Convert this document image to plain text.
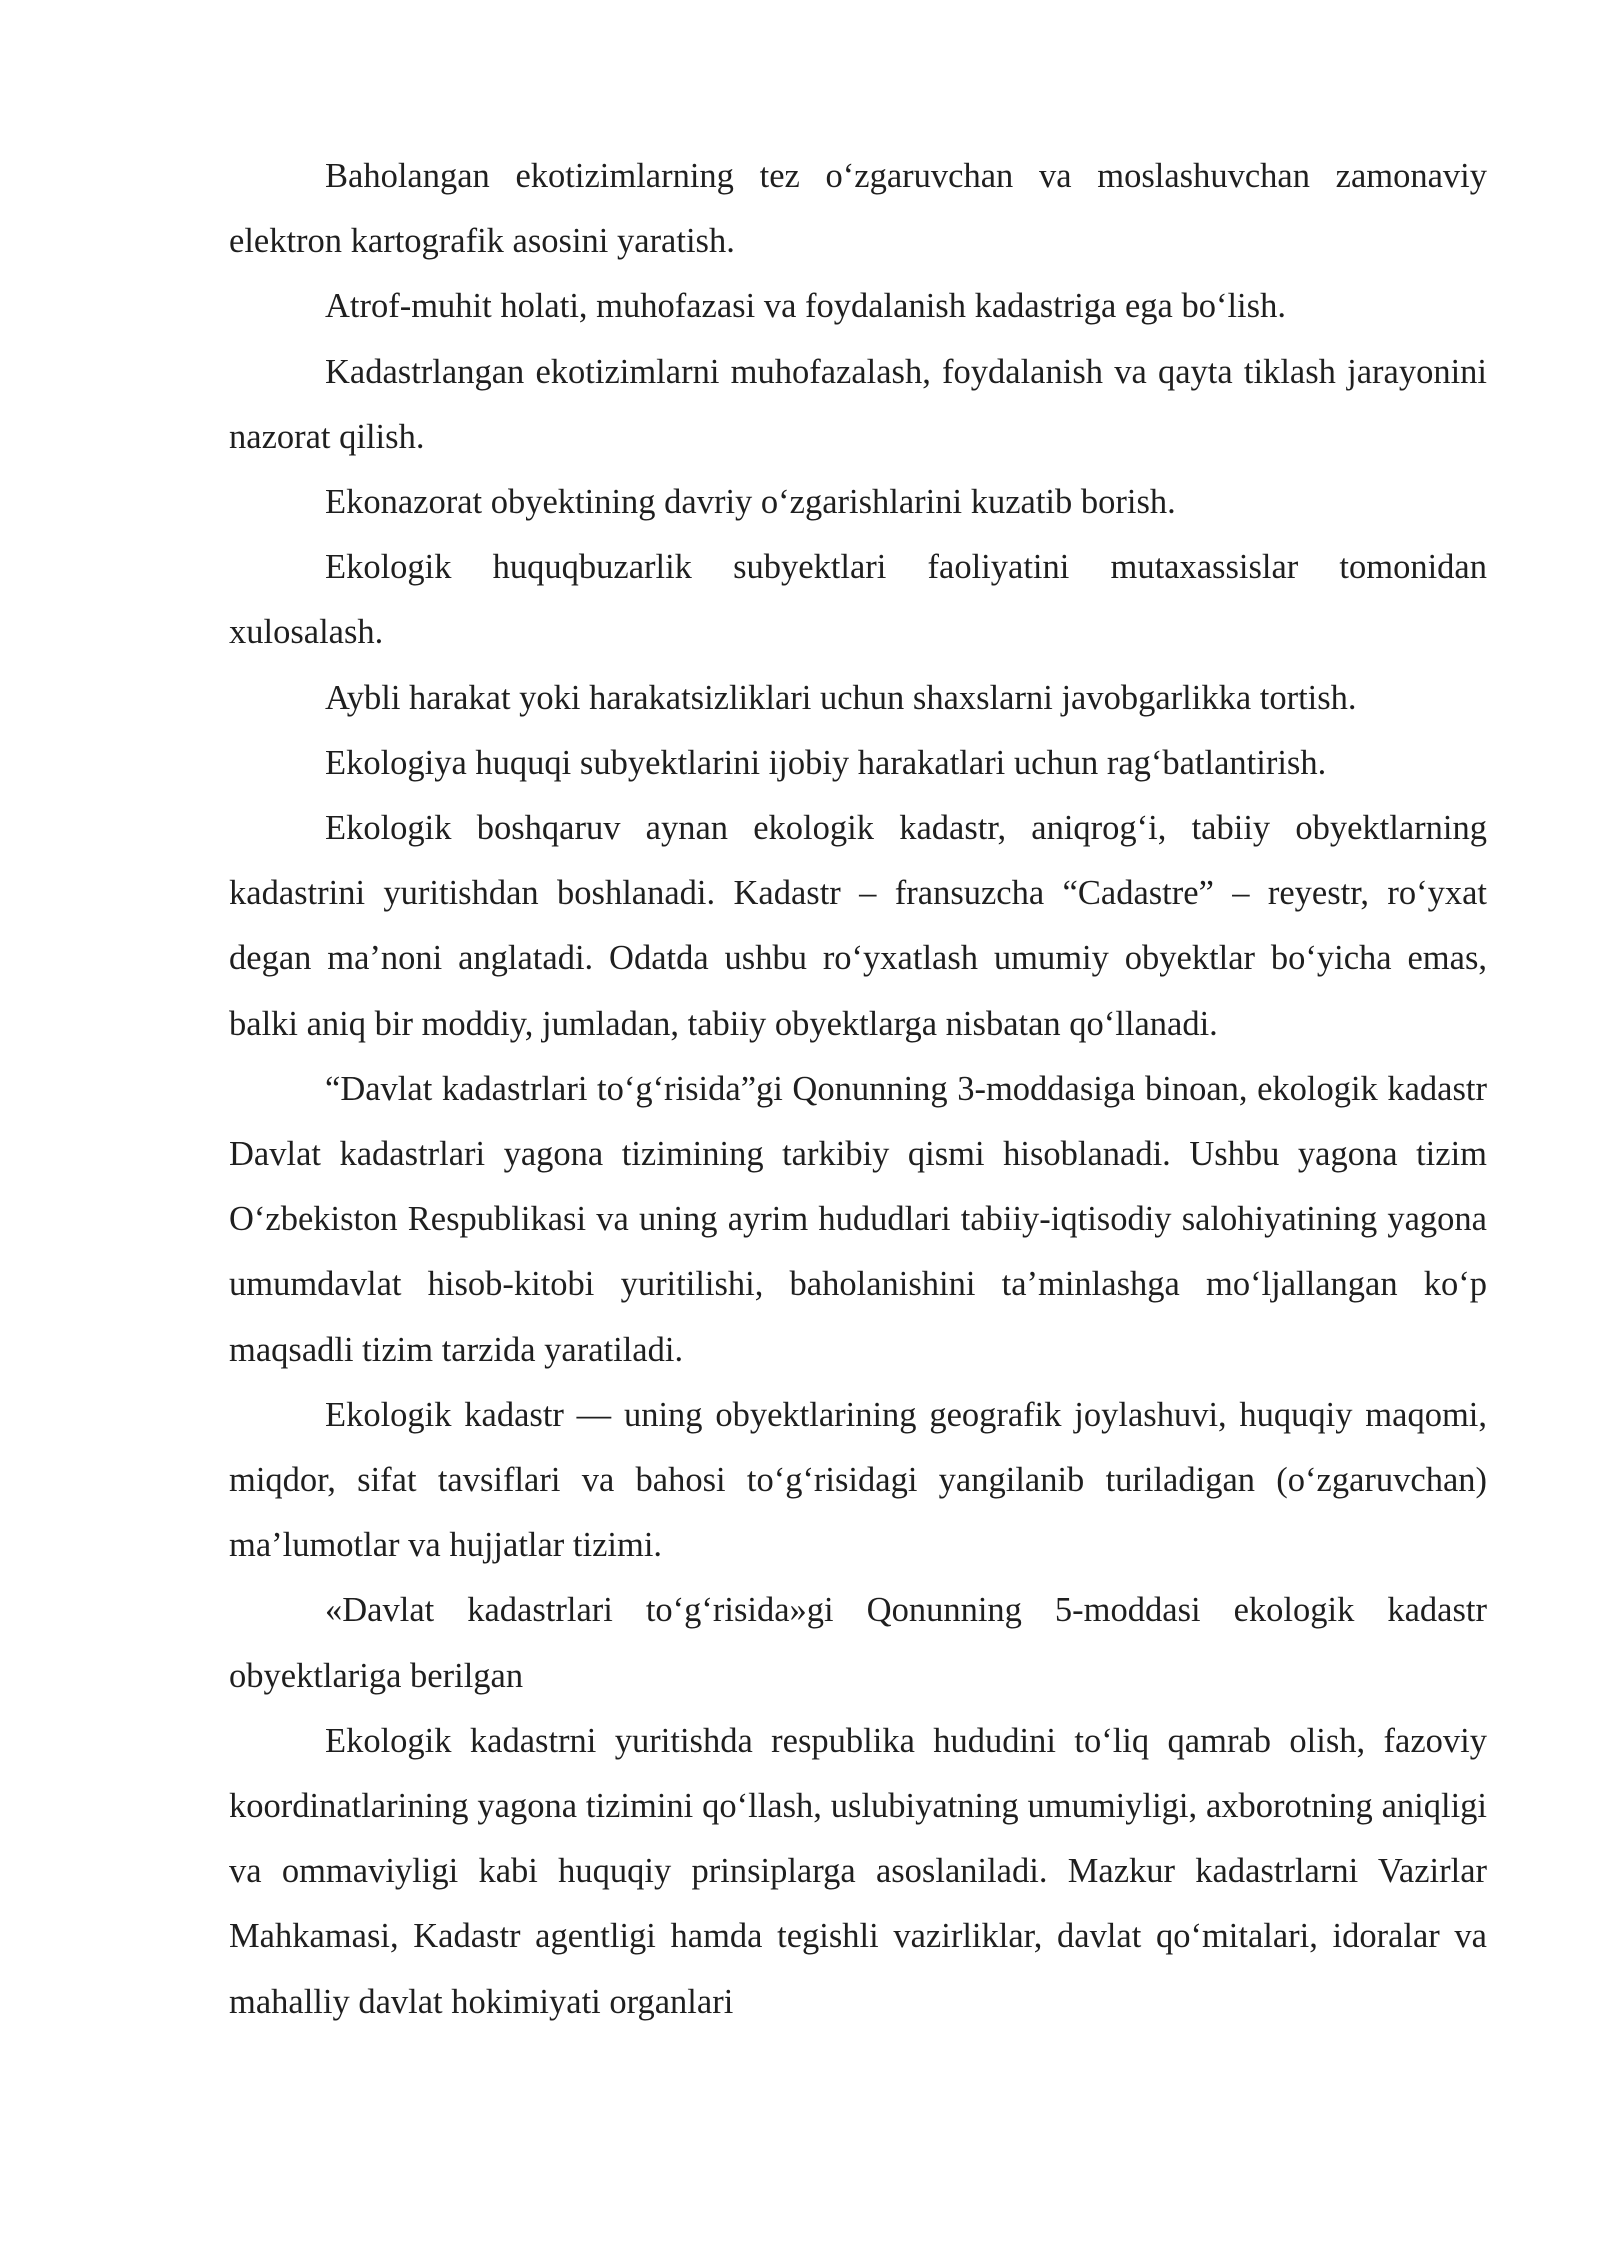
Baholangan ekotizimlarning tez o‘zgaruvchan va moslashuvchan zamonaviy elektron kartografik asosini yaratish.

Atrof-muhit holati, muhofazasi va foydalanish kadastriga ega bo‘lish.

Kadastrlangan ekotizimlarni muhofazalash, foydalanish va qayta tiklash jarayonini nazorat qilish.

Ekonazorat obyektining davriy o‘zgarishlarini kuzatib borish.

Ekologik huquqbuzarlik subyektlari faoliyatini mutaxassislar tomonidan xulosalash.

Aybli harakat yoki harakatsizliklari uchun shaxslarni javobgarlikka tortish.

Ekologiya huquqi subyektlarini ijobiy harakatlari uchun rag‘batlantirish.

Ekologik boshqaruv aynan ekologik kadastr, aniqrog‘i, tabiiy obyektlarning kadastrini yuritishdan boshlanadi. Kadastr – fransuzcha “Cadastre” – reyestr, ro‘yxat degan ma’noni anglatadi. Odatda ushbu ro‘yxatlash umumiy obyektlar bo‘yicha emas, balki aniq bir moddiy, jumladan, tabiiy obyektlarga nisbatan qo‘llanadi.

“Davlat kadastrlari to‘g‘risida”gi Qonunning 3-moddasiga binoan, ekologik kadastr Davlat kadastrlari yagona tizimining tarkibiy qismi hisoblanadi. Ushbu yagona tizim O‘zbekiston Respublikasi va uning ayrim hududlari tabiiy-iqtisodiy salohiyatining yagona umumdavlat hisob-kitobi yuritilishi, baholanishini ta’minlashga mo‘ljallangan ko‘p maqsadli tizim tarzida yaratiladi.

Ekologik kadastr — uning obyektlarining geografik joylashuvi, huquqiy maqomi, miqdor, sifat tavsiflari va bahosi to‘g‘risidagi yangilanib turiladigan (o‘zgaruvchan) ma’lumotlar va hujjatlar tizimi.

«Davlat kadastrlari to‘g‘risida»gi Qonunning 5-moddasi ekologik kadastr obyektlariga berilgan

Ekologik kadastrni yuritishda respublika hududini to‘liq qamrab olish, fazoviy koordinatlarining yagona tizimini qo‘llash, uslubiyatning umumiyligi, axborotning aniqligi va ommaviyligi kabi huquqiy prinsiplarga asoslaniladi. Mazkur kadastrlarni Vazirlar Mahkamasi, Kadastr agentligi hamda tegishli vazirliklar, davlat qo‘mitalari, idoralar va mahalliy davlat hokimiyati organlari
